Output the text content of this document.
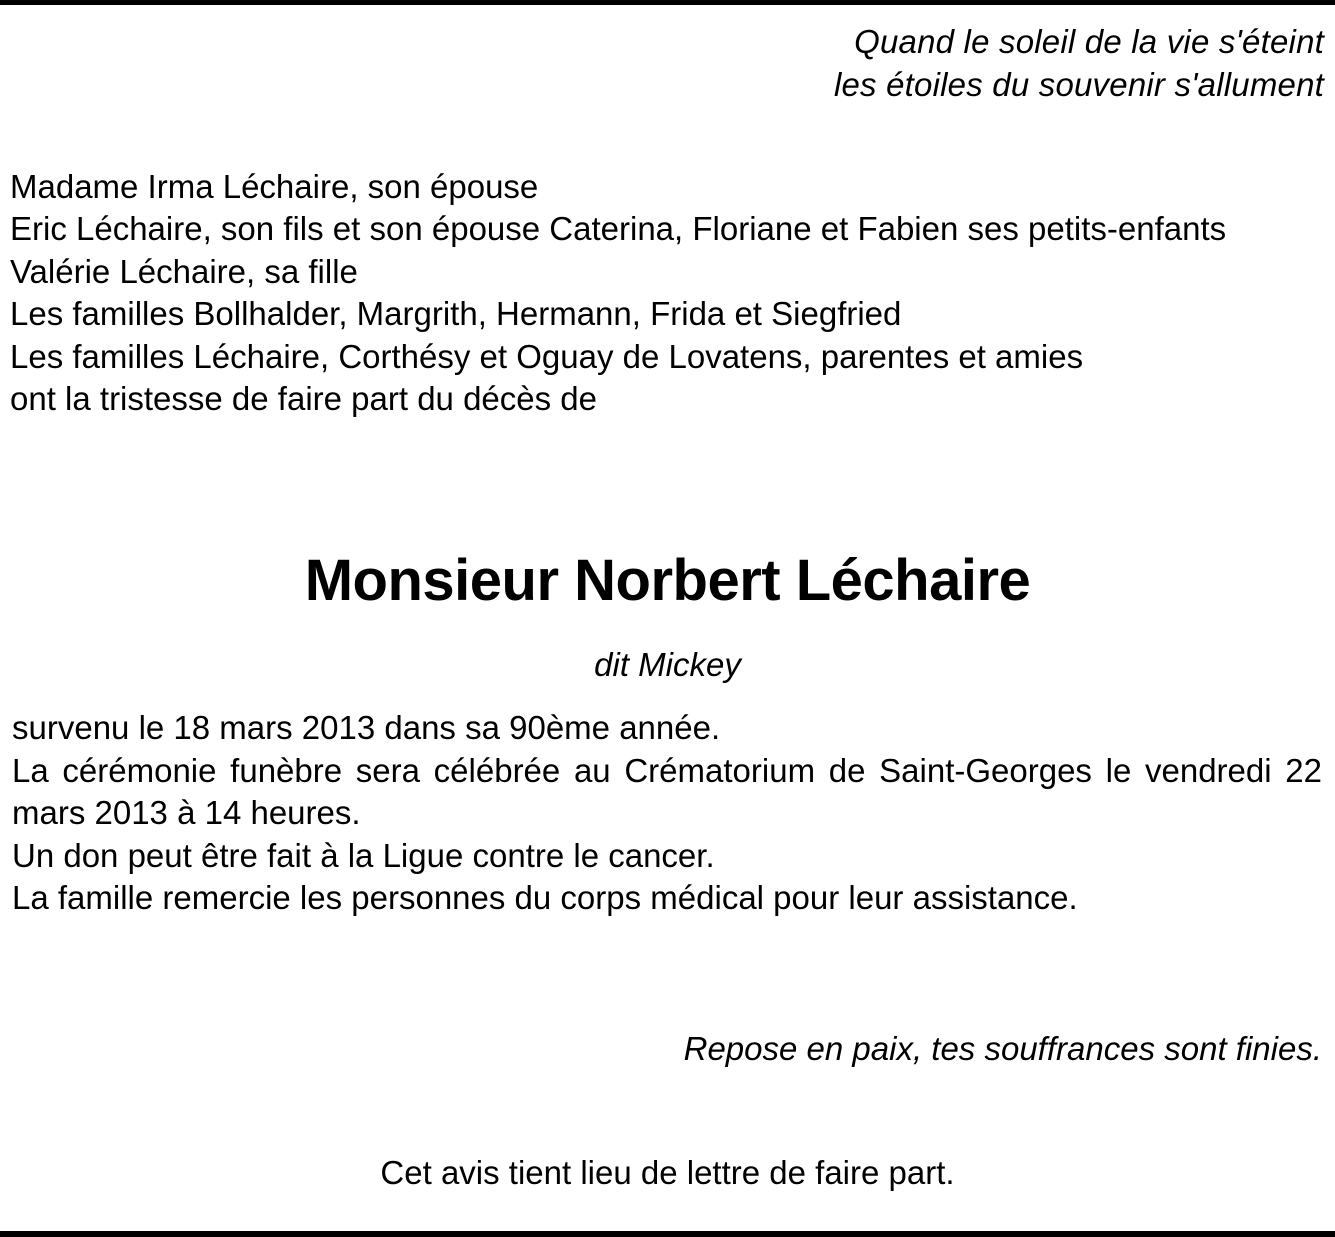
Quand le soleil de la vie s'éteint
les étoiles du souvenir s'allument
Madame Irma Léchaire, son épouse
Eric Léchaire, son fils et son épouse Caterina, Floriane et Fabien ses petits-enfants
Valérie Léchaire, sa fille
Les familles Bollhalder, Margrith, Hermann, Frida et Siegfried
Les familles Léchaire, Corthésy et Oguay de Lovatens, parentes et amies
ont la tristesse de faire part du décès de
Monsieur Norbert Léchaire
dit Mickey
survenu le 18 mars 2013 dans sa 90ème année.
La cérémonie funèbre sera célébrée au Crématorium de Saint-Georges le vendredi 22 mars 2013 à 14 heures.
Un don peut être fait à la Ligue contre le cancer.
La famille remercie les personnes du corps médical pour leur assistance.
Repose en paix, tes souffrances sont finies.
Cet avis tient lieu de lettre de faire part.
